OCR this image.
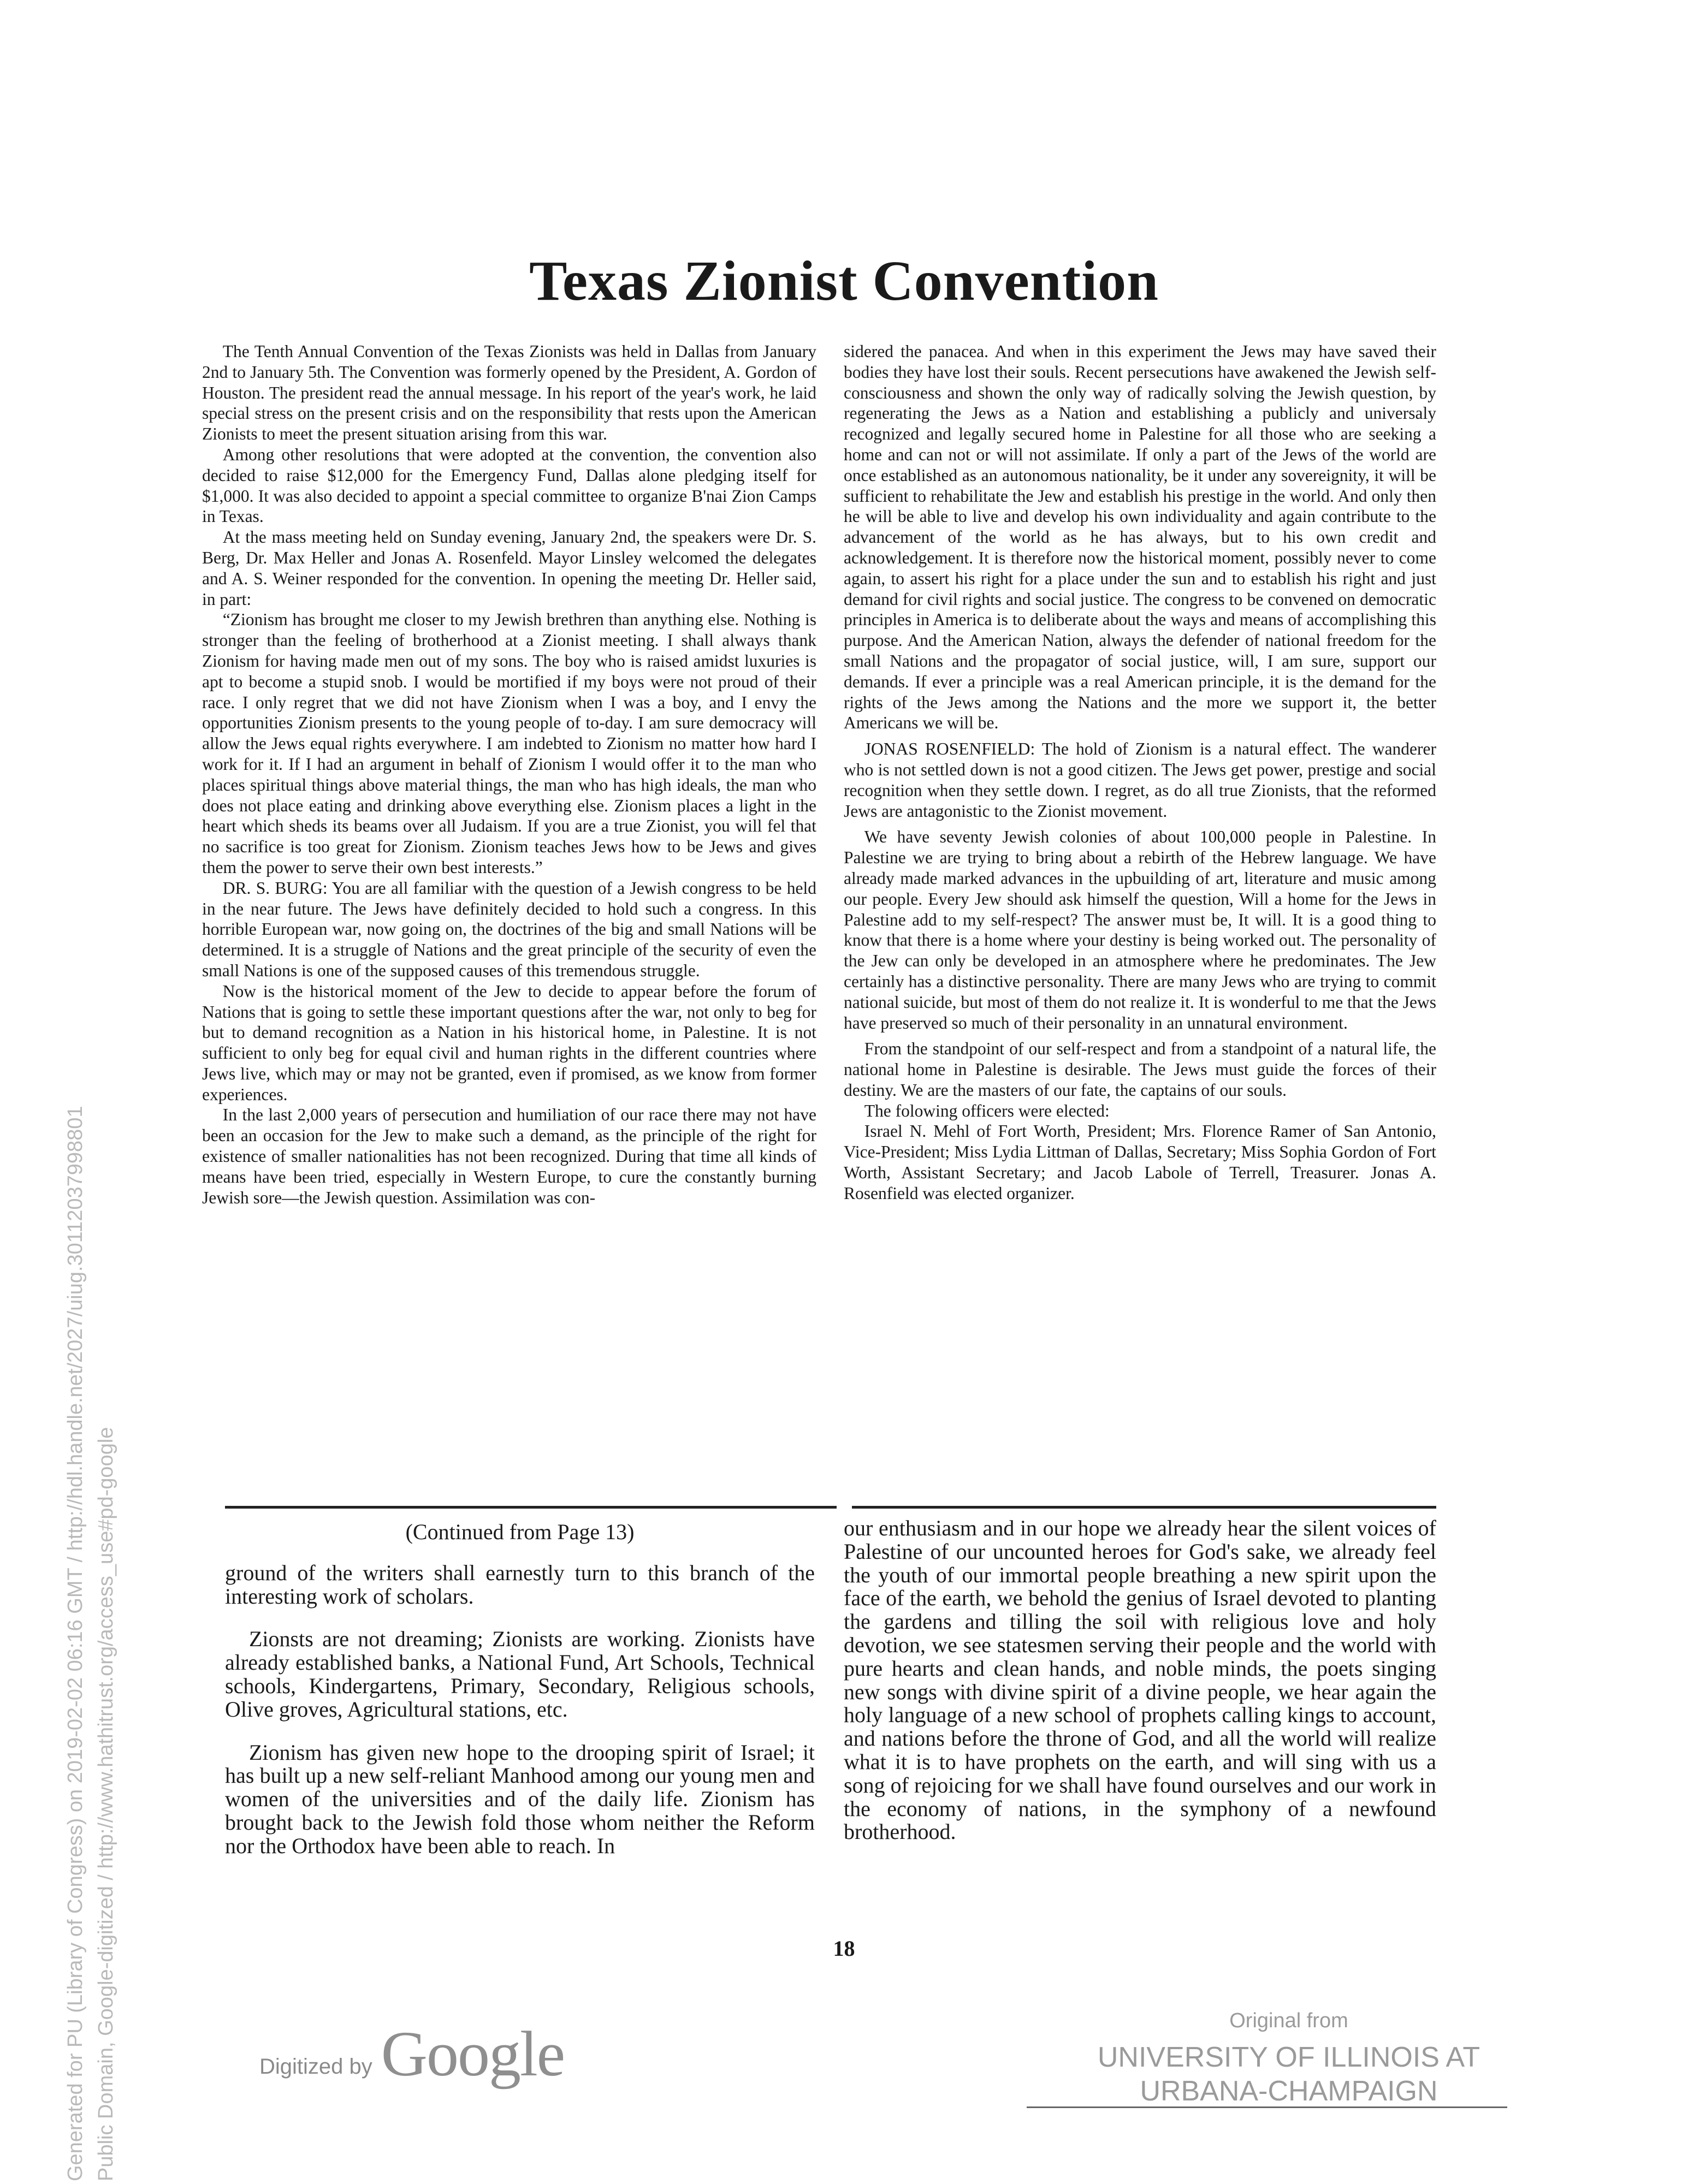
Texas Zionist Convention

The Tenth Annual Convention of the Texas Zionists was held in Dallas from January 2nd to January 5th. The Convention was formerly opened by the President, A. Gordon of Houston. The president read the annual message. In his report of the year's work, he laid special stress on the present crisis and on the responsibility that rests upon the American Zionists to meet the present situation arising from this war.

Among other resolutions that were adopted at the convention, the convention also decided to raise $12,000 for the Emergency Fund, Dallas alone pledging itself for $1,000. It was also decided to appoint a special committee to organize B'nai Zion Camps in Texas.

At the mass meeting held on Sunday evening, January 2nd, the speakers were Dr. S. Berg, Dr. Max Heller and Jonas A. Rosenfeld. Mayor Linsley welcomed the delegates and A. S. Weiner responded for the convention. In opening the meeting Dr. Heller said, in part:

“Zionism has brought me closer to my Jewish brethren than anything else. Nothing is stronger than the feeling of brotherhood at a Zionist meeting. I shall always thank Zionism for having made men out of my sons. The boy who is raised amidst luxuries is apt to become a stupid snob. I would be mortified if my boys were not proud of their race. I only regret that we did not have Zionism when I was a boy, and I envy the opportunities Zionism presents to the young people of to-day. I am sure democracy will allow the Jews equal rights everywhere. I am indebted to Zionism no matter how hard I work for it. If I had an argument in behalf of Zionism I would offer it to the man who places spiritual things above material things, the man who has high ideals, the man who does not place eating and drinking above everything else. Zionism places a light in the heart which sheds its beams over all Judaism. If you are a true Zionist, you will fel that no sacrifice is too great for Zionism. Zionism teaches Jews how to be Jews and gives them the power to serve their own best interests.”

DR. S. BURG: You are all familiar with the question of a Jewish congress to be held in the near future. The Jews have definitely decided to hold such a congress. In this horrible European war, now going on, the doctrines of the big and small Nations will be determined. It is a struggle of Nations and the great principle of the security of even the small Nations is one of the supposed causes of this tremendous struggle.

Now is the historical moment of the Jew to decide to appear before the forum of Nations that is going to settle these important questions after the war, not only to beg for but to demand recognition as a Nation in his historical home, in Palestine. It is not sufficient to only beg for equal civil and human rights in the different countries where Jews live, which may or may not be granted, even if promised, as we know from former experiences.

In the last 2,000 years of persecution and humiliation of our race there may not have been an occasion for the Jew to make such a demand, as the principle of the right for existence of smaller nationalities has not been recognized. During that time all kinds of means have been tried, especially in Western Europe, to cure the constantly burning Jewish sore—the Jewish question. Assimilation was con-

sidered the panacea. And when in this experiment the Jews may have saved their bodies they have lost their souls. Recent persecutions have awakened the Jewish self-consciousness and shown the only way of radically solving the Jewish question, by regenerating the Jews as a Nation and establishing a publicly and universaly recognized and legally secured home in Palestine for all those who are seeking a home and can not or will not assimilate. If only a part of the Jews of the world are once established as an autonomous nationality, be it under any sovereignity, it will be sufficient to rehabilitate the Jew and establish his prestige in the world. And only then he will be able to live and develop his own individuality and again contribute to the advancement of the world as he has always, but to his own credit and acknowledgement. It is therefore now the historical moment, possibly never to come again, to assert his right for a place under the sun and to establish his right and just demand for civil rights and social justice. The congress to be convened on democratic principles in America is to deliberate about the ways and means of accomplishing this purpose. And the American Nation, always the defender of national freedom for the small Nations and the propagator of social justice, will, I am sure, support our demands. If ever a principle was a real American principle, it is the demand for the rights of the Jews among the Nations and the more we support it, the better Americans we will be.

JONAS ROSENFIELD: The hold of Zionism is a natural effect. The wanderer who is not settled down is not a good citizen. The Jews get power, prestige and social recognition when they settle down. I regret, as do all true Zionists, that the reformed Jews are antagonistic to the Zionist movement.

We have seventy Jewish colonies of about 100,000 people in Palestine. In Palestine we are trying to bring about a rebirth of the Hebrew language. We have already made marked advances in the upbuilding of art, literature and music among our people. Every Jew should ask himself the question, Will a home for the Jews in Palestine add to my self-respect? The answer must be, It will. It is a good thing to know that there is a home where your destiny is being worked out. The personality of the Jew can only be developed in an atmosphere where he predominates. The Jew certainly has a distinctive personality. There are many Jews who are trying to commit national suicide, but most of them do not realize it. It is wonderful to me that the Jews have preserved so much of their personality in an unnatural environment.

From the standpoint of our self-respect and from a standpoint of a natural life, the national home in Palestine is desirable. The Jews must guide the forces of their destiny. We are the masters of our fate, the captains of our souls.

The folowing officers were elected:

Israel N. Mehl of Fort Worth, President; Mrs. Florence Ramer of San Antonio, Vice-President; Miss Lydia Littman of Dallas, Secretary; Miss Sophia Gordon of Fort Worth, Assistant Secretary; and Jacob Labole of Terrell, Treasurer. Jonas A. Rosenfield was elected organizer.

(Continued from Page 13)

ground of the writers shall earnestly turn to this branch of the interesting work of scholars.

Zionsts are not dreaming; Zionists are working. Zionists have already established banks, a National Fund, Art Schools, Technical schools, Kindergartens, Primary, Secondary, Religious schools, Olive groves, Agricultural stations, etc.

Zionism has given new hope to the drooping spirit of Israel; it has built up a new self-reliant Manhood among our young men and women of the universities and of the daily life. Zionism has brought back to the Jewish fold those whom neither the Reform nor the Orthodox have been able to reach. In

our enthusiasm and in our hope we already hear the silent voices of Palestine of our uncounted heroes for God's sake, we already feel the youth of our immortal people breathing a new spirit upon the face of the earth, we behold the genius of Israel devoted to planting the gardens and tilling the soil with religious love and holy devotion, we see statesmen serving their people and the world with pure hearts and clean hands, and noble minds, the poets singing new songs with divine spirit of a divine people, we hear again the holy language of a new school of prophets calling kings to account, and nations before the throne of God, and all the world will realize what it is to have prophets on the earth, and will sing with us a song of rejoicing for we shall have found ourselves and our work in the economy of nations, in the symphony of a newfound brotherhood.

18
Digitized by Google	Original from
UNIVERSITY OF ILLINOIS AT
URBANA-CHAMPAIGN
Generated for PU (Library of Congress) on 2019-02-02 06:16 GMT / http://hdl.handle.net/2027/uiug.30112037998801 Public Domain, Google-digitized / http://www.hathitrust.org/access_use#pd-google
